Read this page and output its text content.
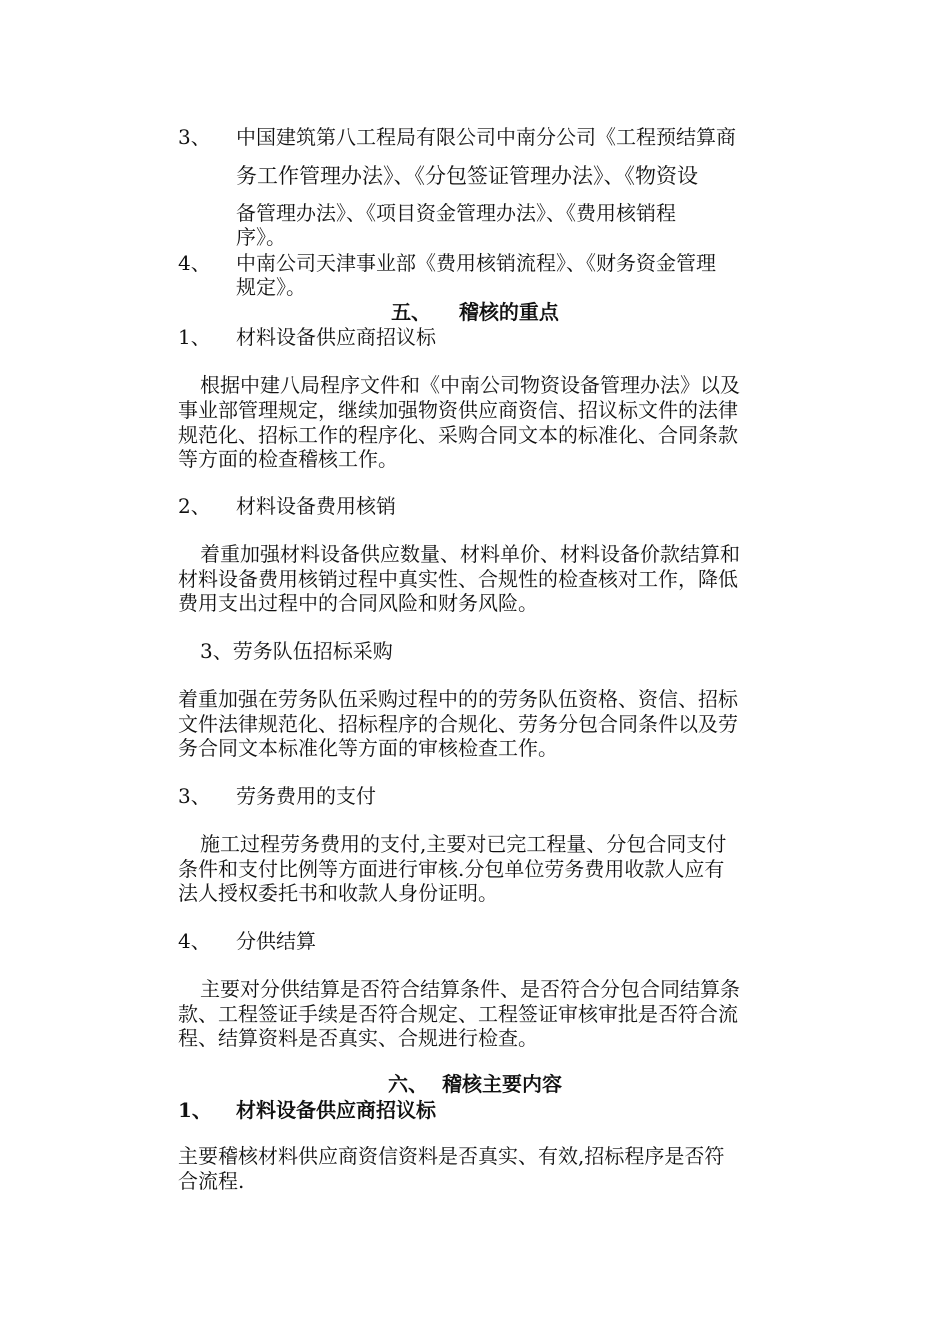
3、 中国建筑第八工程局有限公司中南分公司《工程预结算商
务工作管理办法》、《分包签证管理办法》、《物资设
备管理办法》、《项目资金管理办法》、《费用核销程
序》。
4、 中南公司天津事业部《费用核销流程》、《财务资金管理
规定》。
五、    稽核的重点
1、 材料设备供应商招议标
根据中建八局程序文件和《中南公司物资设备管理办法》以及
事业部管理规定，继续加强物资供应商资信、招议标文件的法律
规范化、招标工作的程序化、采购合同文本的标准化、合同条款
等方面的检查稽核工作。
2、 材料设备费用核销
着重加强材料设备供应数量、材料单价、材料设备价款结算和
材料设备费用核销过程中真实性、合规性的检查核对工作，降低
费用支出过程中的合同风险和财务风险。
3、劳务队伍招标采购
着重加强在劳务队伍采购过程中的的劳务队伍资格、资信、招标
文件法律规范化、招标程序的合规化、劳务分包合同条件以及劳
务合同文本标准化等方面的审核检查工作。
3、 劳务费用的支付
施工过程劳务费用的支付,主要对已完工程量、分包合同支付
条件和支付比例等方面进行审核.分包单位劳务费用收款人应有
法人授权委托书和收款人身份证明。
4、 分供结算
主要对分供结算是否符合结算条件、是否符合分包合同结算条
款、工程签证手续是否符合规定、工程签证审核审批是否符合流
程、结算资料是否真实、合规进行检查。
六、  稽核主要内容
1、 材料设备供应商招议标
主要稽核材料供应商资信资料是否真实、有效,招标程序是否符
合流程.
